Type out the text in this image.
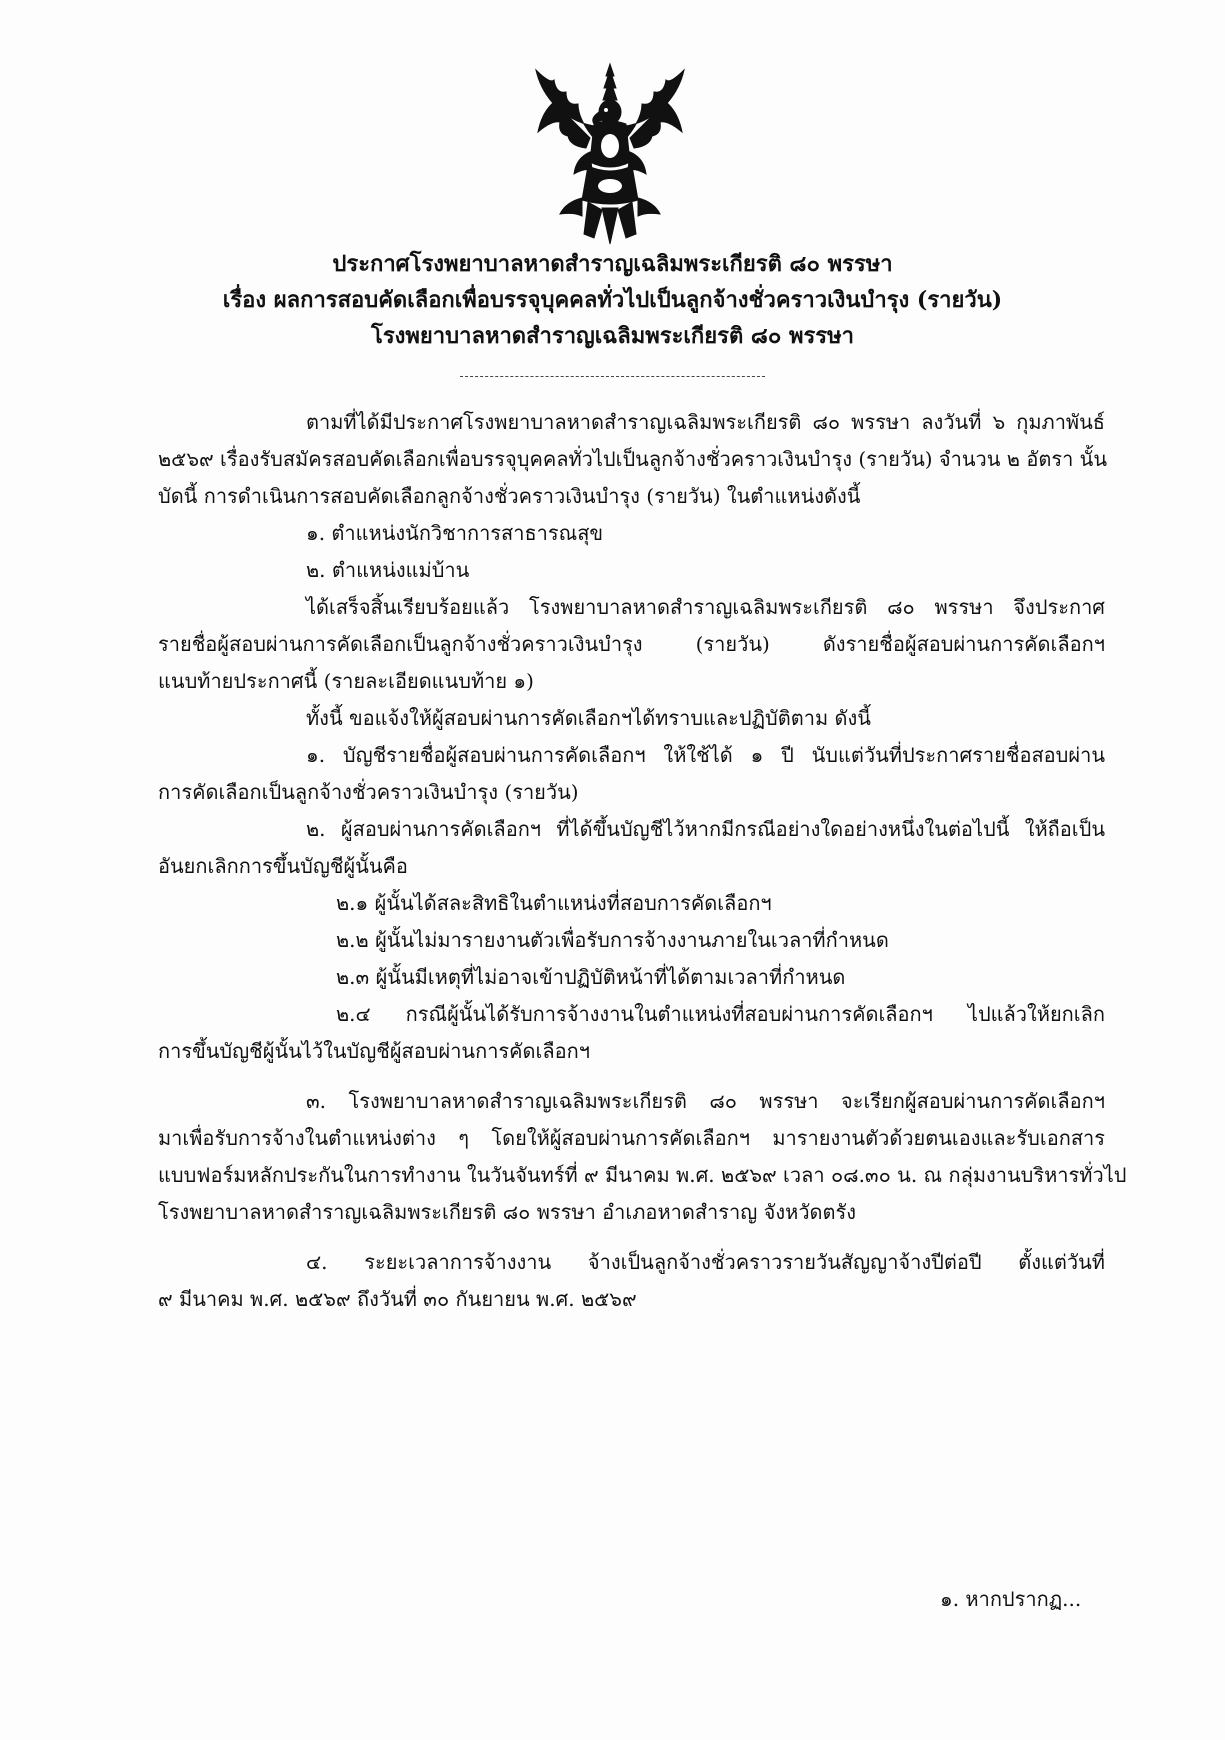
ประกาศโรงพยาบาลหาดสำราญเฉลิมพระเกียรติ ๘๐ พรรษา
เรื่อง ผลการสอบคัดเลือกเพื่อบรรจุบุคคลทั่วไปเป็นลูกจ้างชั่วคราวเงินบำรุง (รายวัน)
โรงพยาบาลหาดสำราญเฉลิมพระเกียรติ ๘๐ พรรษา
ตามที่ได้มีประกาศโรงพยาบาลหาดสำราญเฉลิมพระเกียรติ ๘๐ พรรษา ลงวันที่ ๖ กุมภาพันธ์
๒๕๖๙ เรื่องรับสมัครสอบคัดเลือกเพื่อบรรจุบุคคลทั่วไปเป็นลูกจ้างชั่วคราวเงินบำรุง (รายวัน) จำนวน ๒ อัตรา นั้น
บัดนี้ การดำเนินการสอบคัดเลือกลูกจ้างชั่วคราวเงินบำรุง (รายวัน) ในตำแหน่งดังนี้
๑. ตำแหน่งนักวิชาการสาธารณสุข
๒. ตำแหน่งแม่บ้าน
ได้เสร็จสิ้นเรียบร้อยแล้ว โรงพยาบาลหาดสำราญเฉลิมพระเกียรติ ๘๐ พรรษา จึงประกาศ
รายชื่อผู้สอบผ่านการคัดเลือกเป็นลูกจ้างชั่วคราวเงินบำรุง (รายวัน) ดังรายชื่อผู้สอบผ่านการคัดเลือกฯ
แนบท้ายประกาศนี้ (รายละเอียดแนบท้าย ๑)
ทั้งนี้ ขอแจ้งให้ผู้สอบผ่านการคัดเลือกฯได้ทราบและปฏิบัติตาม ดังนี้
๑. บัญชีรายชื่อผู้สอบผ่านการคัดเลือกฯ ให้ใช้ได้ ๑ ปี นับแต่วันที่ประกาศรายชื่อสอบผ่าน
การคัดเลือกเป็นลูกจ้างชั่วคราวเงินบำรุง (รายวัน)
๒. ผู้สอบผ่านการคัดเลือกฯ ที่ได้ขึ้นบัญชีไว้หากมีกรณีอย่างใดอย่างหนึ่งในต่อไปนี้ ให้ถือเป็น
อันยกเลิกการขึ้นบัญชีผู้นั้นคือ
๒.๑ ผู้นั้นได้สละสิทธิในตำแหน่งที่สอบการคัดเลือกฯ
๒.๒ ผู้นั้นไม่มารายงานตัวเพื่อรับการจ้างงานภายในเวลาที่กำหนด
๒.๓ ผู้นั้นมีเหตุที่ไม่อาจเข้าปฏิบัติหน้าที่ได้ตามเวลาที่กำหนด
๒.๔ กรณีผู้นั้นได้รับการจ้างงานในตำแหน่งที่สอบผ่านการคัดเลือกฯ ไปแล้วให้ยกเลิก
การขึ้นบัญชีผู้นั้นไว้ในบัญชีผู้สอบผ่านการคัดเลือกฯ
๓. โรงพยาบาลหาดสำราญเฉลิมพระเกียรติ ๘๐ พรรษา จะเรียกผู้สอบผ่านการคัดเลือกฯ
มาเพื่อรับการจ้างในตำแหน่งต่าง ๆ โดยให้ผู้สอบผ่านการคัดเลือกฯ มารายงานตัวด้วยตนเองและรับเอกสาร
แบบฟอร์มหลักประกันในการทำงาน ในวันจันทร์ที่ ๙ มีนาคม พ.ศ. ๒๕๖๙ เวลา ๐๘.๓๐ น. ณ กลุ่มงานบริหารทั่วไป
โรงพยาบาลหาดสำราญเฉลิมพระเกียรติ ๘๐ พรรษา อำเภอหาดสำราญ จังหวัดตรัง
๔. ระยะเวลาการจ้างงาน จ้างเป็นลูกจ้างชั่วคราวรายวันสัญญาจ้างปีต่อปี ตั้งแต่วันที่
๙ มีนาคม พ.ศ. ๒๕๖๙ ถึงวันที่ ๓๐ กันยายน พ.ศ. ๒๕๖๙
๑. หากปรากฏ...
